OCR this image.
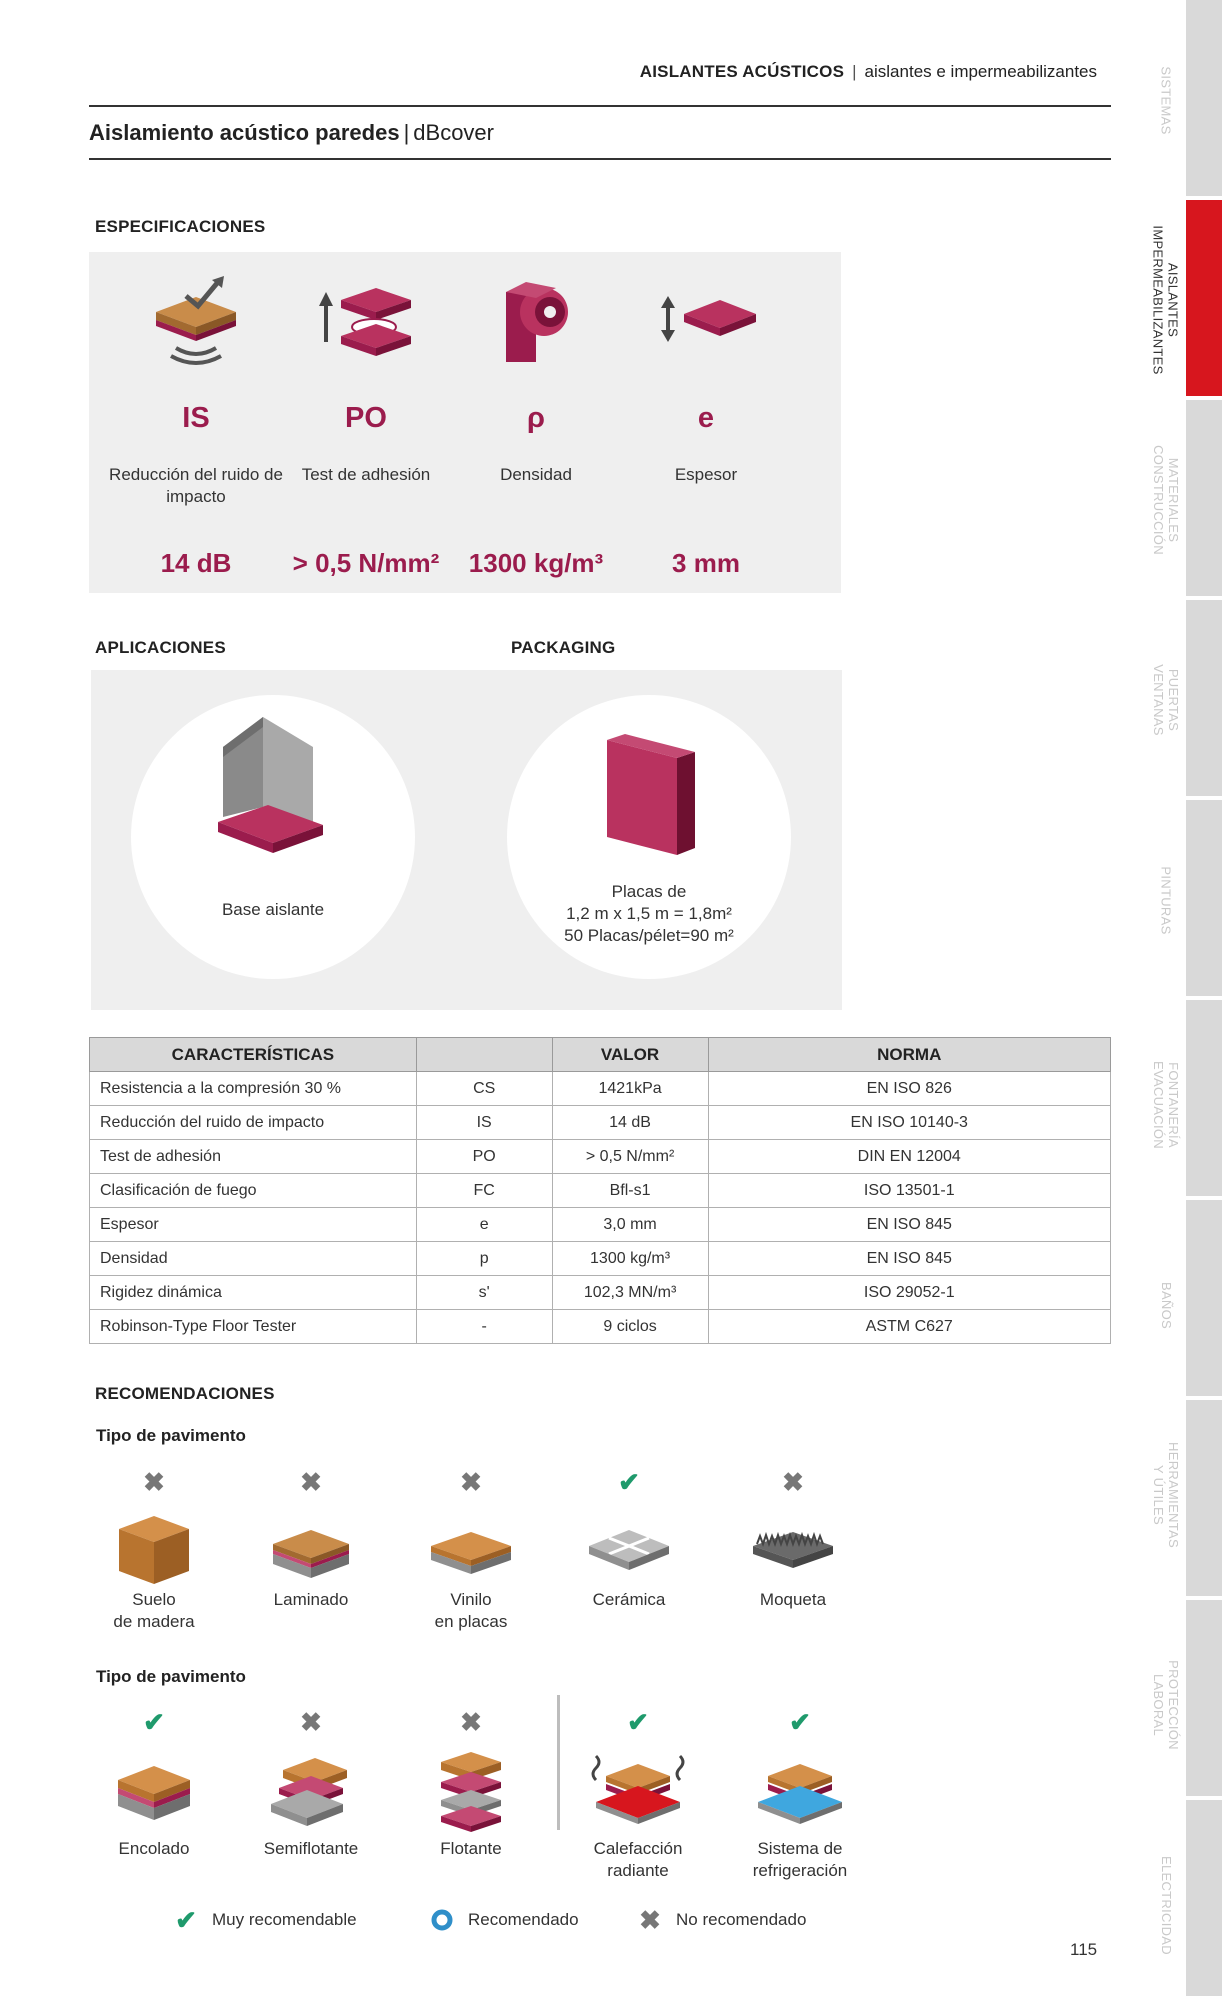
SISTEMAS
AISLANTES
IMPERMEABILIZANTES
MATERIALES
CONSTRUCCIÓN
PUERTAS
VENTANAS
PINTURAS
FONTANERÍA
EVACUACIÓN
BAÑOS
HERRAMIENTAS
Y ÚTILES
PROTECCIÓN
LABORAL
ELECTRICIDAD
AISLANTES ACÚSTICOS | aislantes e impermeabilizantes
Aislamiento acústico paredes | dBcover
ESPECIFICACIONES
IS
Reducción del ruido de impacto
14 dB
PO
Test de adhesión
> 0,5 N/mm²
ρ
Densidad
1300 kg/m³
e
Espesor
3 mm
APLICACIONES	PACKAGING
Base aislante
Placas de
1,2 m x 1,5 m = 1,8m²
50 Placas/pélet=90 m²
CARACTERÍSTICAS		VALOR	NORMA
Resistencia a la compresión 30 %	CS	1421kPa	EN ISO 826
Reducción del ruido de impacto	IS	14 dB	EN ISO 10140-3
Test de adhesión	PO	> 0,5 N/mm²	DIN EN 12004
Clasificación de fuego	FC	Bfl-s1	ISO 13501-1
Espesor	e	3,0 mm	EN ISO 845
Densidad	p	1300 kg/m³	EN ISO 845
Rigidez dinámica	s'	102,3 MN/m³	ISO 29052-1
Robinson-Type Floor Tester	-	9 ciclos	ASTM C627
RECOMENDACIONES
Tipo de pavimento
✖
Suelo
de madera
✖
Laminado
✖
Vinilo
en placas
✔
Cerámica
✖
Moqueta
Tipo de pavimento
✔
Encolado
✖
Semiflotante
✖
Flotante
✔
Calefacción
radiante
✔
Sistema de
refrigeración
✔ Muy recomendable	Recomendado ✖ No recomendado
115
